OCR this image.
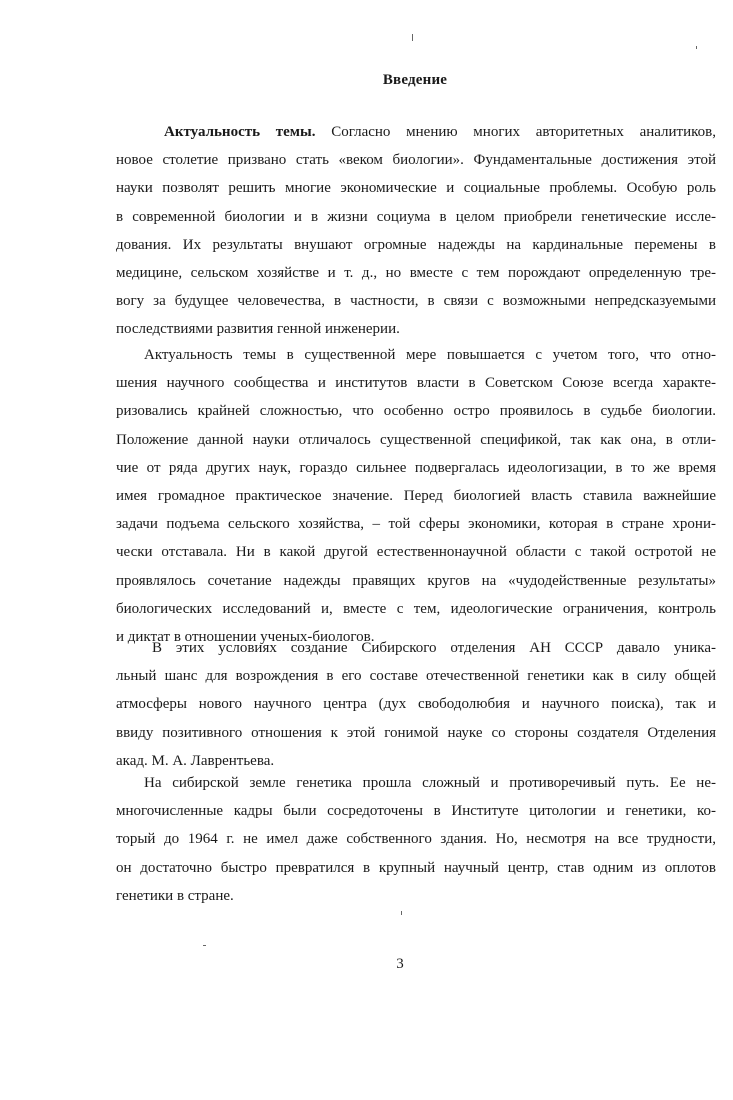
Введение
Актуальность темы. Согласно мнению многих авторитетных аналитиков,
новое столетие призвано стать «веком биологии». Фундаментальные достижения этой
науки позволят решить многие экономические и социальные проблемы. Особую роль
в современной биологии и в жизни социума в целом приобрели генетические иссле-
дования. Их результаты внушают огромные надежды на кардинальные перемены в
медицине, сельском хозяйстве и т. д., но вместе с тем порождают определенную тре-
вогу за будущее человечества, в частности, в связи с возможными непредсказуемыми
последствиями развития генной инженерии.
Актуальность темы в существенной мере повышается с учетом того, что отно-
шения научного сообщества и институтов власти в Советском Союзе всегда характе-
ризовались крайней сложностью, что особенно остро проявилось в судьбе биологии.
Положение данной науки отличалось существенной спецификой, так как она, в отли-
чие от ряда других наук, гораздо сильнее подвергалась идеологизации, в то же время
имея громадное практическое значение. Перед биологией власть ставила важнейшие
задачи подъема сельского хозяйства, – той сферы экономики, которая в стране хрони-
чески отставала. Ни в какой другой естественнонаучной области с такой остротой не
проявлялось сочетание надежды правящих кругов на «чудодейственные результаты»
биологических исследований и, вместе с тем, идеологические ограничения, контроль
и диктат в отношении ученых-биологов.
В этих условиях создание Сибирского отделения АН СССР давало уника-
льный шанс для возрождения в его составе отечественной генетики как в силу общей
атмосферы нового научного центра (дух свободолюбия и научного поиска), так и
ввиду позитивного отношения к этой гонимой науке со стороны создателя Отделения
акад. М. А. Лаврентьева.
На сибирской земле генетика прошла сложный и противоречивый путь. Ее не-
многочисленные кадры были сосредоточены в Институте цитологии и генетики, ко-
торый до 1964 г. не имел даже собственного здания. Но, несмотря на все трудности,
он достаточно быстро превратился в крупный научный центр, став одним из оплотов
генетики в стране.
3
